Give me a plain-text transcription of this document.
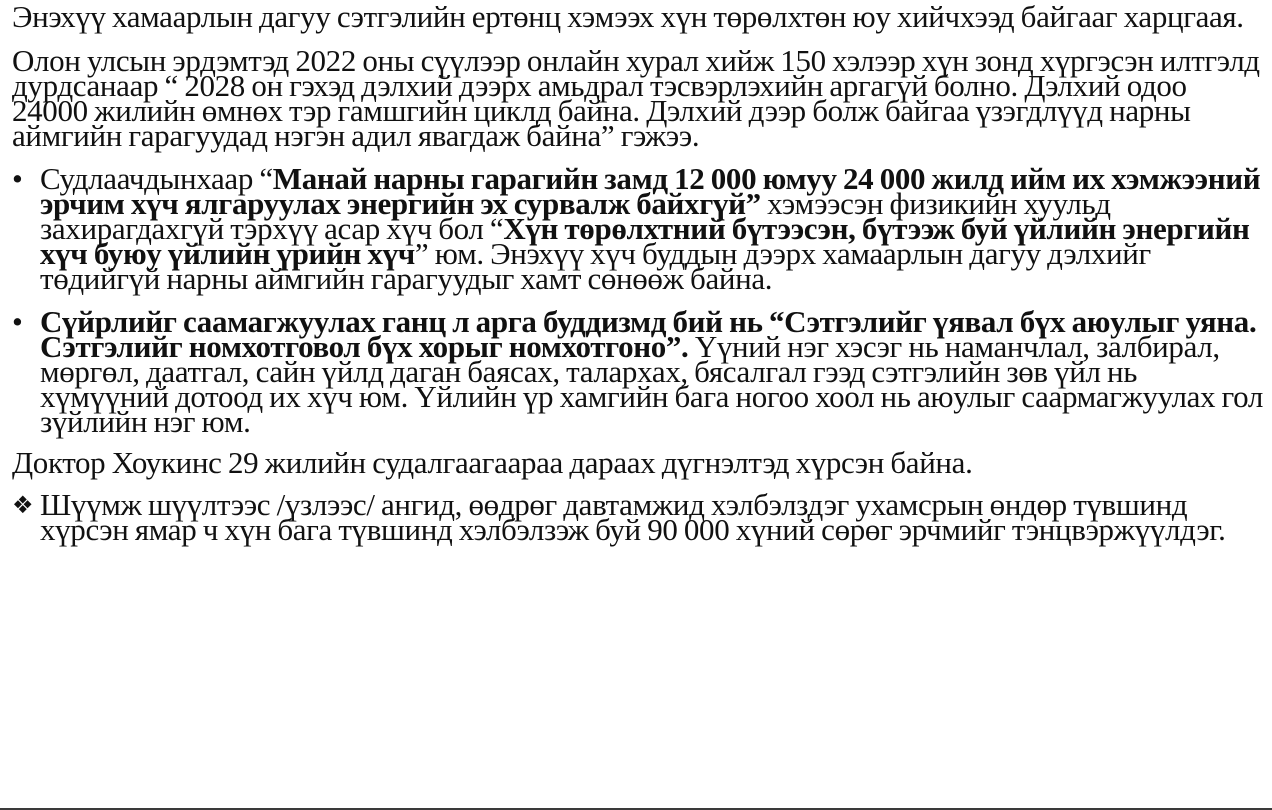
Энэхүү хамаарлын дагуу сэтгэлийн ертөнц хэмээх хүн төрөлхтөн юу хийчхээд байгааг харцгаая.

Олон улсын эрдэмтэд 2022 оны сүүлээр онлайн хурал хийж 150 хэлээр хүн зонд хүргэсэн илтгэлд дурдсанаар “ 2028 он гэхэд дэлхий дээрх амьдрал тэсвэрлэхийн аргагүй болно. Дэлхий одоо 24000 жилийн өмнөх тэр гамшгийн циклд байна. Дэлхий дээр болж байгаа үзэгдлүүд нарны аймгийн гарагуудад нэгэн адил явагдаж байна” гэжээ.

• Судлаачдынхаар “Манай нарны гарагийн замд 12 000 юмуу 24 000 жилд ийм их хэмжээний эрчим хүч ялгаруулах энергийн эх сурвалж байхгүй” хэмээсэн физикийн хуульд захирагдахгүй тэрхүү асар хүч бол “Хүн төрөлхтний бүтээсэн, бүтээж буй үйлийн энергийн хүч буюу үйлийн үрийн хүч” юм. Энэхүү хүч буддын дээрх хамаарлын дагуу дэлхийг төдийгүй нарны аймгийн гарагуудыг хамт сөнөөж байна.
• Сүйрлийг саамагжуулах ганц л арга буддизмд бий нь “Сэтгэлийг үявал бүх аюулыг уяна. Сэтгэлийг номхотговол бүх хорыг номхотгоно”. Үүний нэг хэсэг нь наманчлал, залбирал, мөргөл, даатгал, сайн үйлд даган баясах, талархах, бясалгал гээд сэтгэлийн зөв үйл нь хүмүүний дотоод их хүч юм. Үйлийн үр хамгийн бага ногоо хоол нь аюулыг саармагжуулах гол зүйлийн нэг юм.

Доктор Хоукинс 29 жилийн судалгаагаараа дараах дүгнэлтэд хүрсэн байна.

❖ Шүүмж шүүлтээс /үзлээс/ ангид, өөдрөг давтамжид хэлбэлздэг ухамсрын өндөр түвшинд хүрсэн ямар ч хүн бага түвшинд хэлбэлзэж буй 90 000 хүний сөрөг эрчмийг тэнцвэржүүлдэг.
